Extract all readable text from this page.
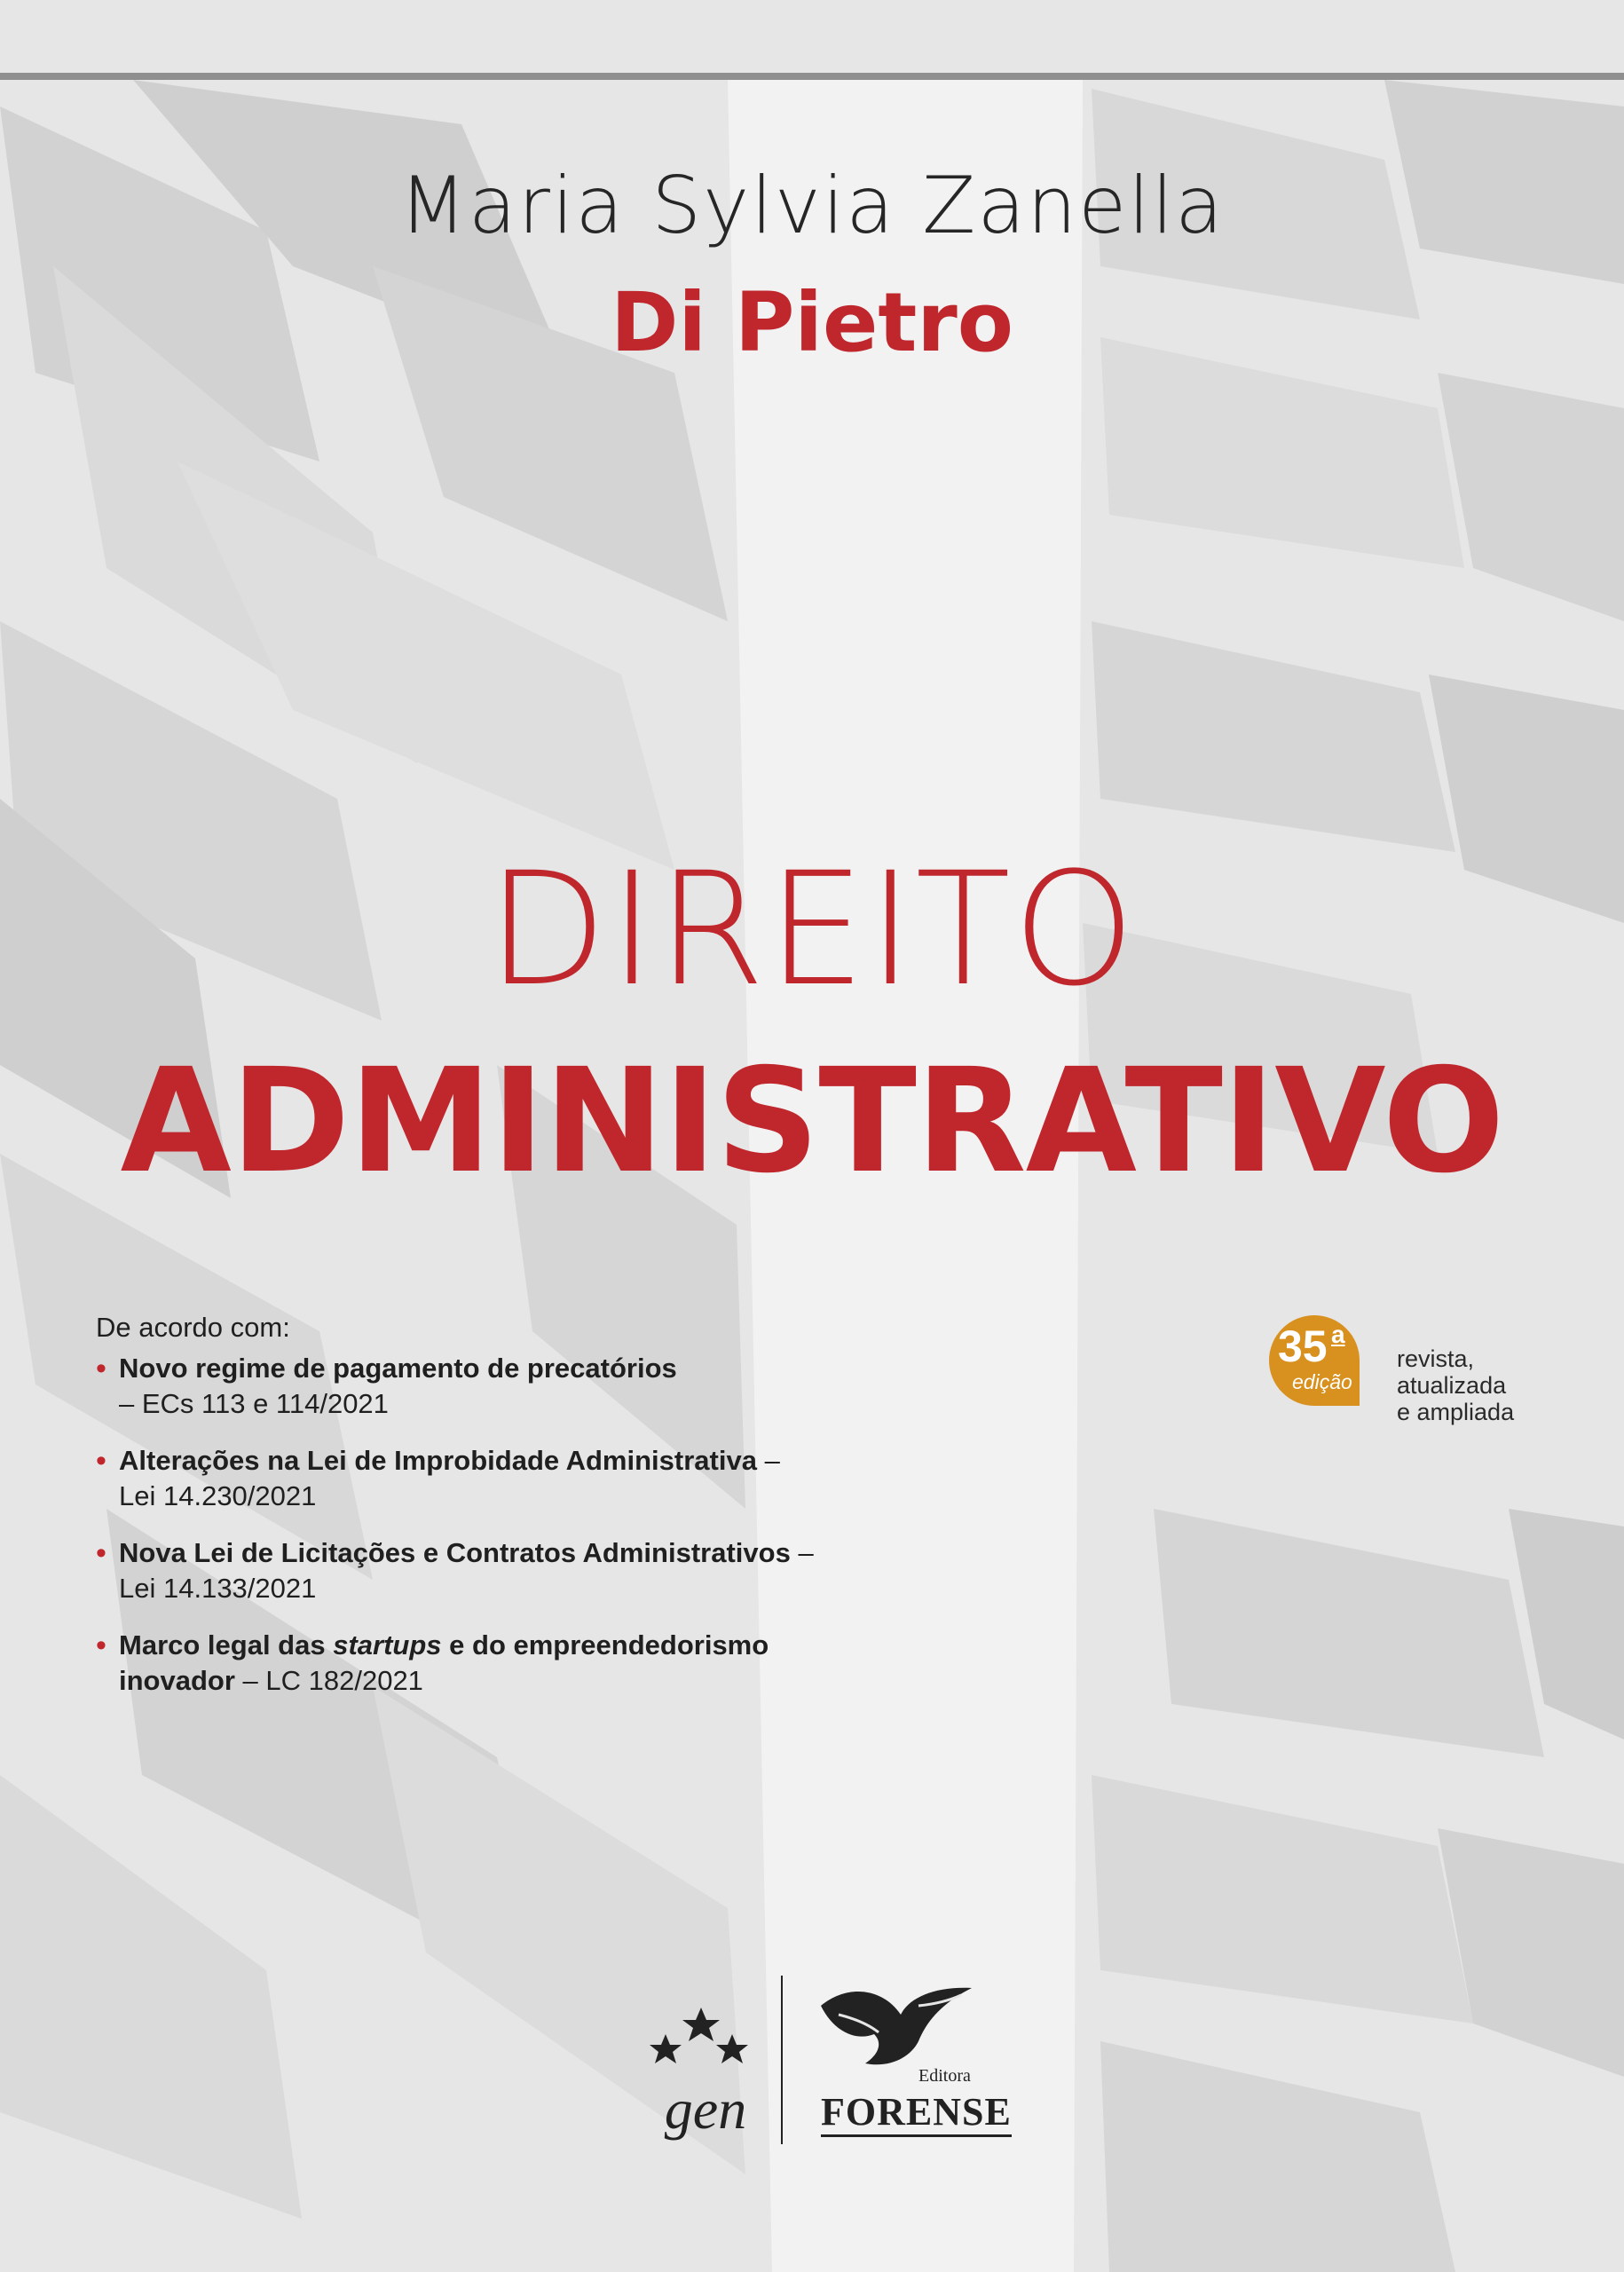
Maria Sylvia Zanella
Di Pietro
DIREITO
ADMINISTRATIVO
De acordo com:
• Novo regime de pagamento de precatórios
– ECs 113 e 114/2021
• Alterações na Lei de Improbidade Administrativa – Lei 14.230/2021
• Nova Lei de Licitações e Contratos Administrativos – Lei 14.133/2021
• Marco legal das startups e do empreendedorismo inovador – LC 182/2021
35 a
edição
revista,
atualizada
e ampliada
gen
Editora
FORENSE
